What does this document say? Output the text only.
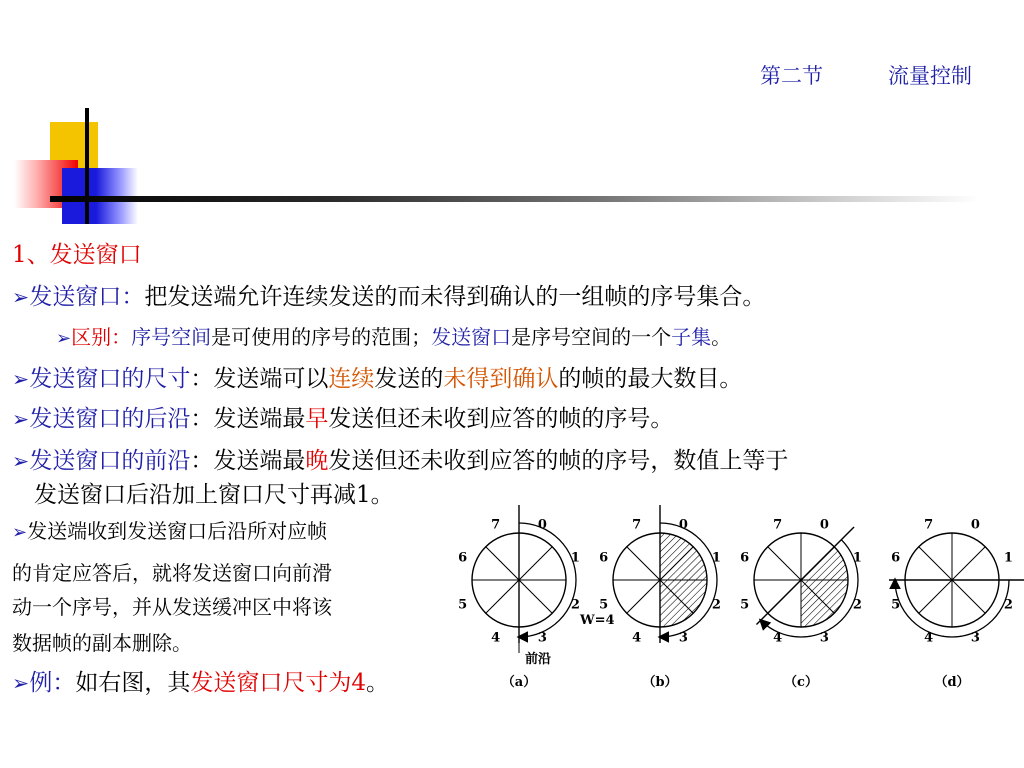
第二节	流量控制
1、发送窗口
➢发送窗口：把发送端允许连续发送的而未得到确认的一组帧的序号集合。
➢区别：序号空间是可使用的序号的范围；发送窗口是序号空间的一个子集。
➢发送窗口的尺寸：发送端可以连续发送的未得到确认的帧的最大数目。
➢发送窗口的后沿：发送端最早发送但还未收到应答的帧的序号。
➢发送窗口的前沿：发送端最晚发送但还未收到应答的帧的序号，数值上等于
发送窗口后沿加上窗口尺寸再减1。
➢发送端收到发送窗口后沿所对应帧
的肯定应答后，就将发送窗口向前滑
动一个序号，并从发送缓冲区中将该
数据帧的副本删除。
➢例：如右图，其发送窗口尺寸为4。
0
1
2
3
4
5
6
7
（a）
0
1
2
3
4
5
6
7
（b）
0
1
2
3
4
5
6
7
（c）
0
1
2
3
4
5
6
7
（d）
W=4
前沿
